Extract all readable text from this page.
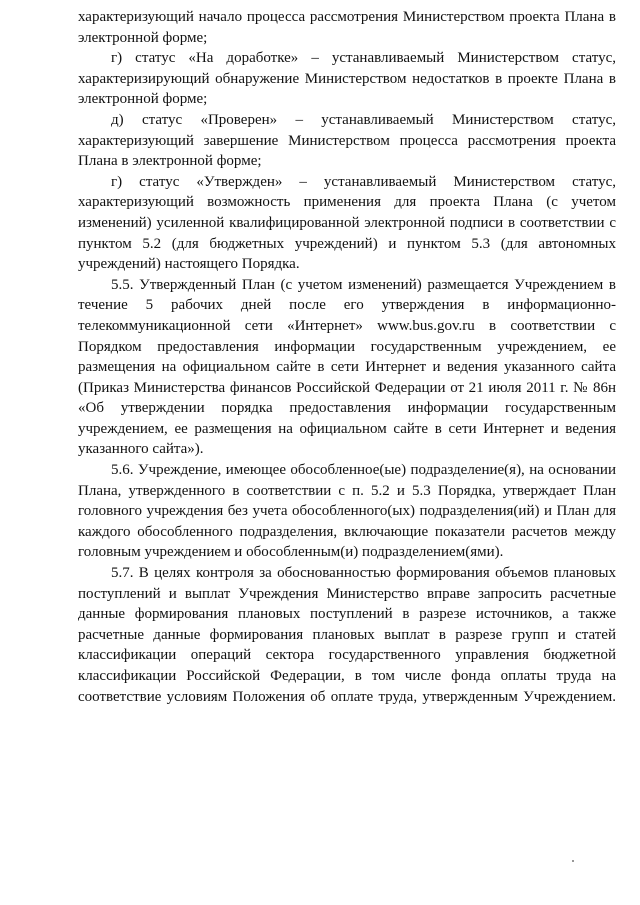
характеризующий начало процесса рассмотрения Министерством проекта Плана в
электронной форме;
г) статус «На доработке» – устанавливаемый Министерством статус,
характеризирующий обнаружение Министерством недостатков в проекте Плана в
электронной форме;
д) статус «Проверен» – устанавливаемый Министерством статус,
характеризующий завершение Министерством процесса рассмотрения проекта
Плана в электронной форме;
г) статус «Утвержден» – устанавливаемый Министерством статус,
характеризующий возможность применения для проекта Плана (с учетом
изменений) усиленной квалифицированной электронной подписи в соответствии с
пунктом 5.2 (для бюджетных учреждений) и пунктом 5.3 (для автономных
учреждений) настоящего Порядка.
5.5. Утвержденный План (с учетом изменений) размещается Учреждением в
течение 5 рабочих дней после его утверждения в информационно-
телекоммуникационной сети «Интернет» www.bus.gov.ru в соответствии с
Порядком предоставления информации государственным учреждением, ее
размещения на официальном сайте в сети Интернет и ведения указанного сайта
(Приказ Министерства финансов Российской Федерации от 21 июля 2011 г. № 86н
«Об утверждении порядка предоставления информации государственным
учреждением, ее размещения на официальном сайте в сети Интернет и ведения
указанного сайта»).
5.6. Учреждение, имеющее обособленное(ые) подразделение(я), на основании
Плана, утвержденного в соответствии с п. 5.2 и 5.3 Порядка, утверждает План
головного учреждения без учета обособленного(ых) подразделения(ий) и План для
каждого обособленного подразделения, включающие показатели расчетов между
головным учреждением и обособленным(и) подразделением(ями).
5.7. В целях контроля за обоснованностью формирования объемов плановых
поступлений и выплат Учреждения Министерство вправе запросить расчетные
данные формирования плановых поступлений в разрезе источников, а также
расчетные данные формирования плановых выплат в разрезе групп и статей
классификации операций сектора государственного управления бюджетной
классификации Российской Федерации, в том числе фонда оплаты труда на
соответствие условиям Положения об оплате труда, утвержденным Учреждением.
